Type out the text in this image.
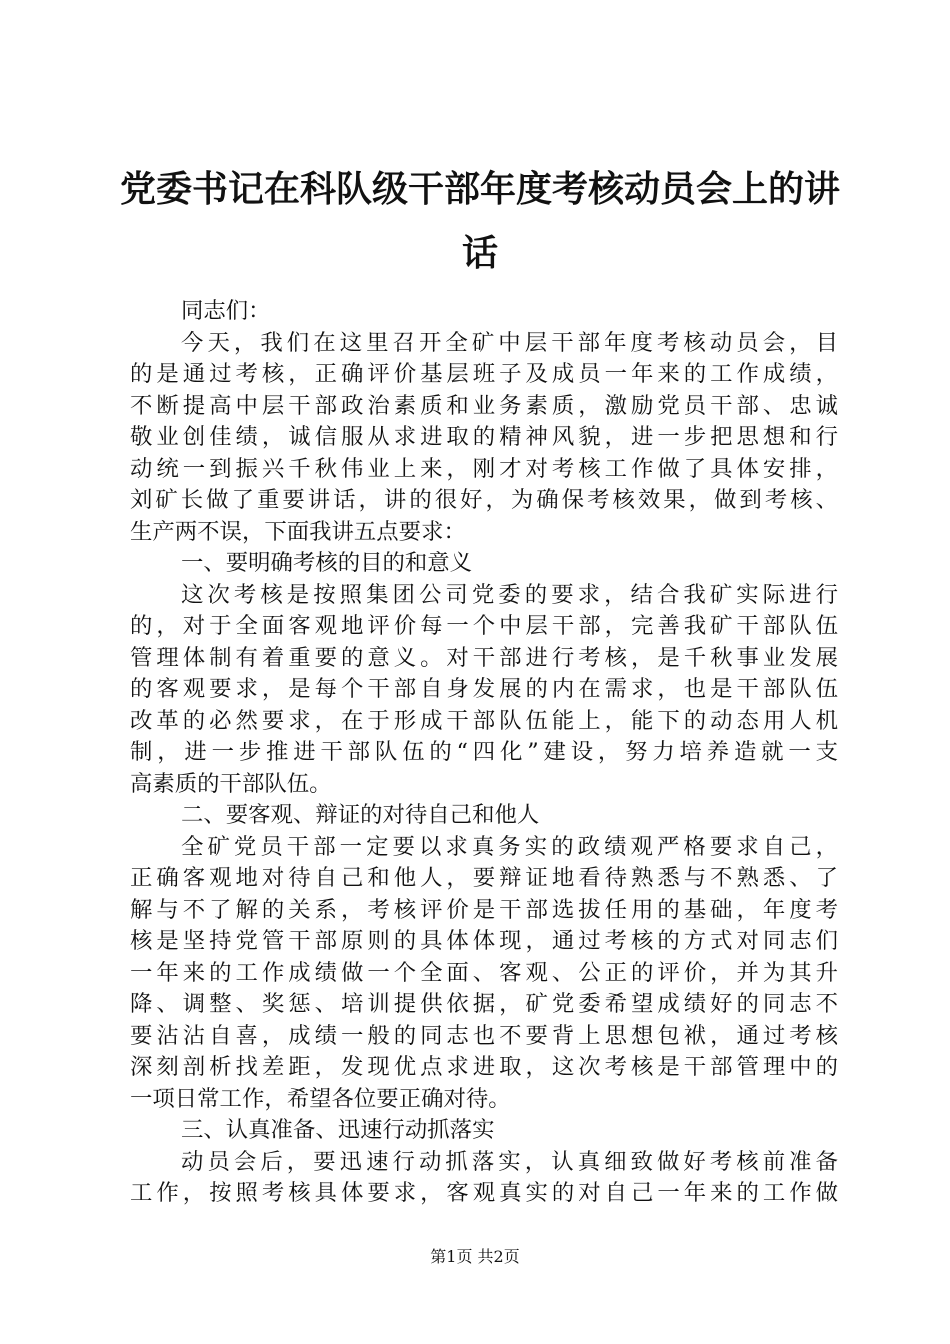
党委书记在科队级干部年度考核动员会上的讲话
同志们：
今天，我们在这里召开全矿中层干部年度考核动员会，目
的是通过考核，正确评价基层班子及成员一年来的工作成绩，
不断提高中层干部政治素质和业务素质，激励党员干部、忠诚
敬业创佳绩，诚信服从求进取的精神风貌，进一步把思想和行
动统一到振兴千秋伟业上来，刚才对考核工作做了具体安排，
刘矿长做了重要讲话，讲的很好，为确保考核效果，做到考核、
生产两不误，下面我讲五点要求：
一、要明确考核的目的和意义
这次考核是按照集团公司党委的要求，结合我矿实际进行
的，对于全面客观地评价每一个中层干部，完善我矿干部队伍
管理体制有着重要的意义。对干部进行考核，是千秋事业发展
的客观要求，是每个干部自身发展的内在需求，也是干部队伍
改革的必然要求，在于形成干部队伍能上，能下的动态用人机
制，进一步推进干部队伍的“四化”建设，努力培养造就一支
高素质的干部队伍。
二、要客观、辩证的对待自己和他人
全矿党员干部一定要以求真务实的政绩观严格要求自己，
正确客观地对待自己和他人，要辩证地看待熟悉与不熟悉、了
解与不了解的关系，考核评价是干部选拔任用的基础，年度考
核是坚持党管干部原则的具体体现，通过考核的方式对同志们
一年来的工作成绩做一个全面、客观、公正的评价，并为其升
降、调整、奖惩、培训提供依据，矿党委希望成绩好的同志不
要沾沾自喜，成绩一般的同志也不要背上思想包袱，通过考核
深刻剖析找差距，发现优点求进取，这次考核是干部管理中的
一项日常工作，希望各位要正确对待。
三、认真准备、迅速行动抓落实
动员会后，要迅速行动抓落实，认真细致做好考核前准备
工作，按照考核具体要求，客观真实的对自己一年来的工作做
第1页 共2页
